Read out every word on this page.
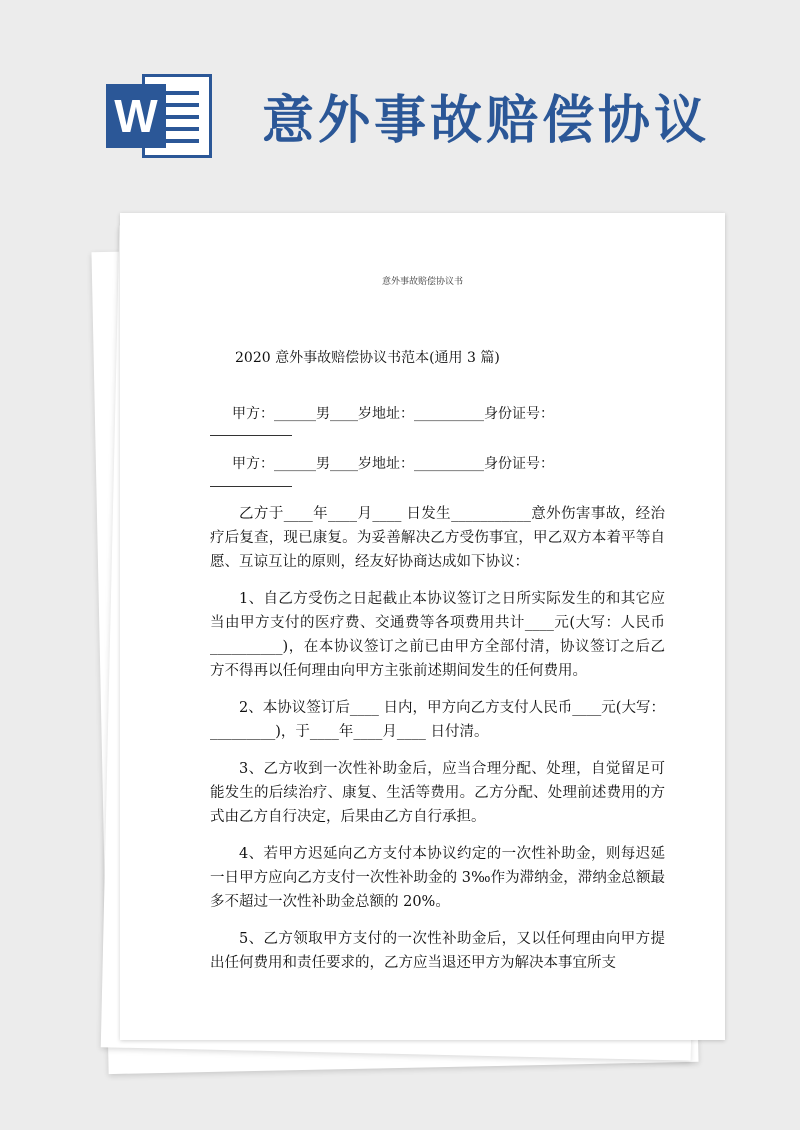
W 意外事故赔偿协议
意外事故赔偿协议书
2020 意外事故赔偿协议书范本(通用 3 篇)
甲方：______男____岁地址：__________身份证号：
甲方：______男____岁地址：__________身份证号：

乙方于____年____月____ 日发生___________意外伤害事故，经治疗后复查，现已康复。为妥善解决乙方受伤事宜，甲乙双方本着平等自愿、互谅互让的原则，经友好协商达成如下协议：

1、自乙方受伤之日起截止本协议签订之日所实际发生的和其它应当由甲方支付的医疗费、交通费等各项费用共计____元(大写：人民币__________)，在本协议签订之前已由甲方全部付清，协议签订之后乙方不得再以任何理由向甲方主张前述期间发生的任何费用。

2、本协议签订后____ 日内，甲方向乙方支付人民币____元(大写：_________)，于____年____月____ 日付清。

3、乙方收到一次性补助金后，应当合理分配、处理，自觉留足可能发生的后续治疗、康复、生活等费用。乙方分配、处理前述费用的方式由乙方自行决定，后果由乙方自行承担。

4、若甲方迟延向乙方支付本协议约定的一次性补助金，则每迟延一日甲方应向乙方支付一次性补助金的 3‰作为滞纳金，滞纳金总额最多不超过一次性补助金总额的 20%。

5、乙方领取甲方支付的一次性补助金后，又以任何理由向甲方提出任何费用和责任要求的，乙方应当退还甲方为解决本事宜所支
